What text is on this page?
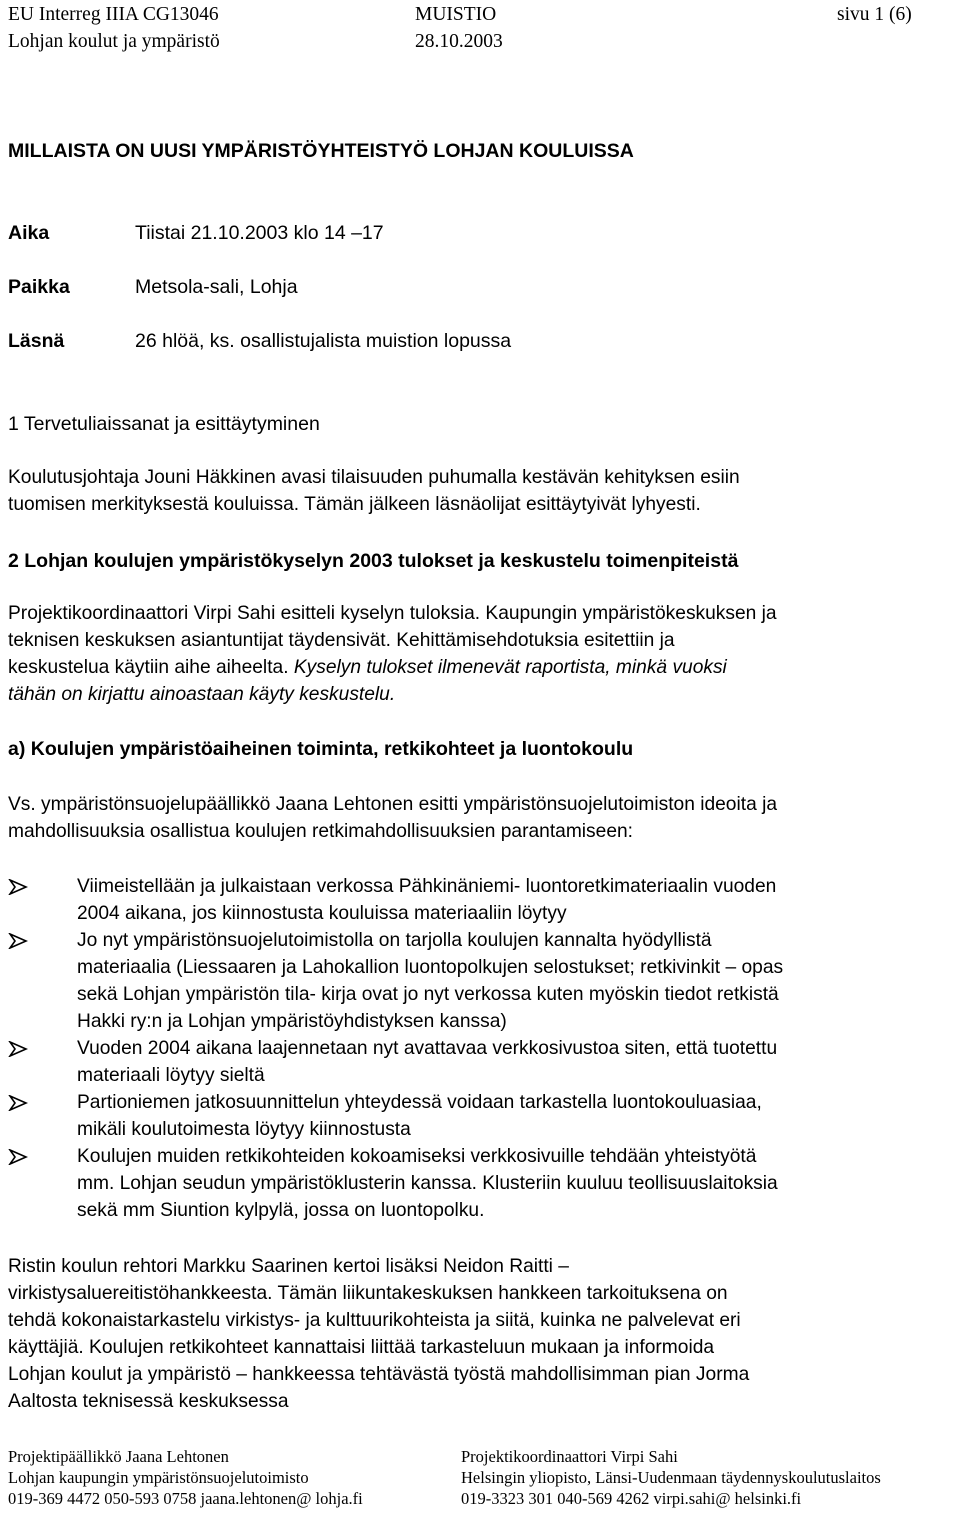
EU Interreg IIIA CG13046	MUISTIO	sivu 1 (6)
Lohjan koulut ja ympäristö	28.10.2003
MILLAISTA ON UUSI YMPÄRISTÖYHTEISTYÖ LOHJAN KOULUISSA
Aika	Tiistai 21.10.2003 klo 14 –17
Paikka	Metsola-sali, Lohja
Läsnä	26 hlöä, ks. osallistujalista muistion lopussa
1 Tervetuliaissanat ja esittäytyminen

Koulutusjohtaja Jouni Häkkinen avasi tilaisuuden puhumalla kestävän kehityksen esiin

tuomisen merkityksestä kouluissa. Tämän jälkeen läsnäolijat esittäytyivät lyhyesti.

2 Lohjan koulujen ympäristökyselyn 2003 tulokset ja keskustelu toimenpiteistä

Projektikoordinaattori Virpi Sahi esitteli kyselyn tuloksia. Kaupungin ympäristökeskuksen ja

teknisen keskuksen asiantuntijat täydensivät. Kehittämisehdotuksia esitettiin ja

keskustelua käytiin aihe aiheelta. Kyselyn tulokset ilmenevät raportista, minkä vuoksi

tähän on kirjattu ainoastaan käyty keskustelu.

a) Koulujen ympäristöaiheinen toiminta, retkikohteet ja luontokoulu

Vs. ympäristönsuojelupäällikkö Jaana Lehtonen esitti ympäristönsuojelutoimiston ideoita ja

mahdollisuuksia osallistua koulujen retkimahdollisuuksien parantamiseen:

Viimeistellään ja julkaistaan verkossa Pähkinäniemi- luontoretkimateriaalin vuoden
2004 aikana, jos kiinnostusta kouluissa materiaaliin löytyy
Jo nyt ympäristönsuojelutoimistolla on tarjolla koulujen kannalta hyödyllistä
materiaalia (Liessaaren ja Lahokallion luontopolkujen selostukset; retkivinkit – opas
sekä Lohjan ympäristön tila- kirja ovat jo nyt verkossa kuten myöskin tiedot retkistä
Hakki ry:n ja Lohjan ympäristöyhdistyksen kanssa)
Vuoden 2004 aikana laajennetaan nyt avattavaa verkkosivustoa siten, että tuotettu
materiaali löytyy sieltä
Partioniemen jatkosuunnittelun yhteydessä voidaan tarkastella luontokouluasiaa,
mikäli koulutoimesta löytyy kiinnostusta
Koulujen muiden retkikohteiden kokoamiseksi verkkosivuille tehdään yhteistyötä
mm. Lohjan seudun ympäristöklusterin kanssa. Klusteriin kuuluu teollisuuslaitoksia
sekä mm Siuntion kylpylä, jossa on luontopolku.

Ristin koulun rehtori Markku Saarinen kertoi lisäksi Neidon Raitti –

virkistysaluereitistöhankkeesta. Tämän liikuntakeskuksen hankkeen tarkoituksena on

tehdä kokonaistarkastelu virkistys- ja kulttuurikohteista ja siitä, kuinka ne palvelevat eri

käyttäjiä. Koulujen retkikohteet kannattaisi liittää tarkasteluun mukaan ja informoida

Lohjan koulut ja ympäristö – hankkeessa tehtävästä työstä mahdollisimman pian Jorma

Aaltosta teknisessä keskuksessa

Projektipäällikkö Jaana Lehtonen
Lohjan kaupungin ympäristönsuojelutoimisto
019-369 4472 050-593 0758 jaana.lehtonen@ lohja.fi
Projektikoordinaattori Virpi Sahi
Helsingin yliopisto, Länsi-Uudenmaan täydennyskoulutuslaitos
019-3323 301 040-569 4262 virpi.sahi@ helsinki.fi
